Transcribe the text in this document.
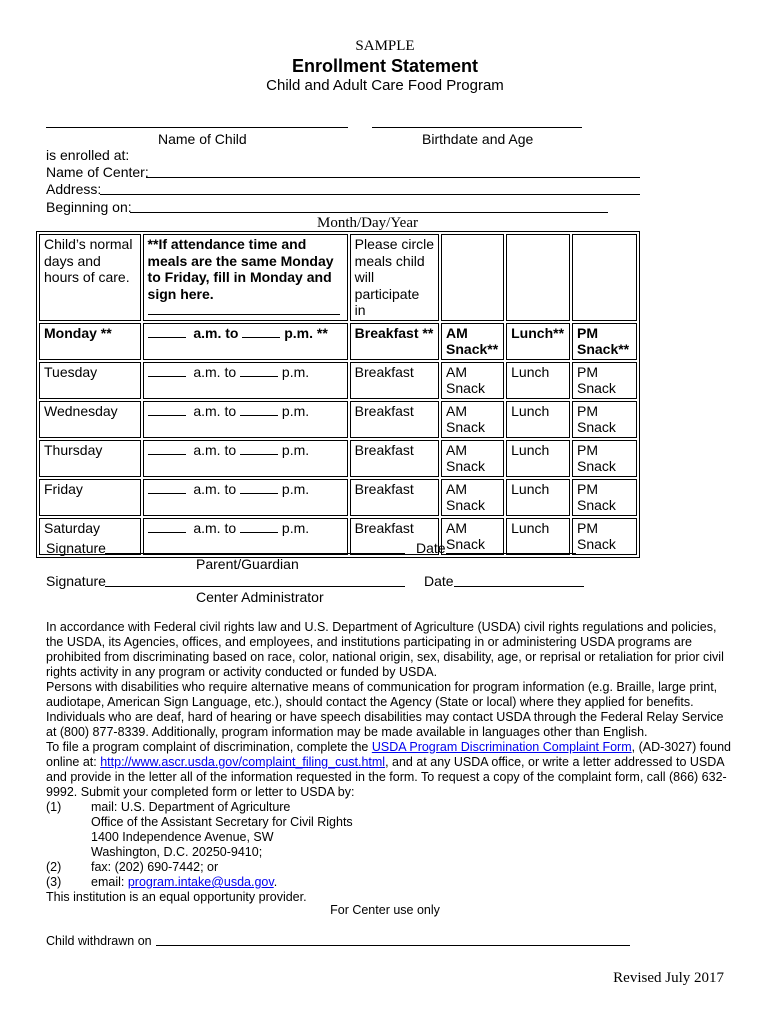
SAMPLE
Enrollment Statement
Child and Adult Care Food Program
Name of Child	Birthdate and Age
is enrolled at:
Name of Center:
Address:
Beginning on:
Month/Day/Year
Child’s normal days and hours of care.	**If attendance time and meals are the same Monday to Friday, fill in Monday and sign here.	Please circle meals child will participate in			
Monday **	a.m. to p.m. **	Breakfast **	AM Snack**	Lunch**	PM Snack**
Tuesday	a.m. to p.m.	Breakfast	AM Snack	Lunch	PM Snack
Wednesday	a.m. to p.m.	Breakfast	AM Snack	Lunch	PM Snack
Thursday	a.m. to p.m.	Breakfast	AM Snack	Lunch	PM Snack
Friday	a.m. to p.m.	Breakfast	AM Snack	Lunch	PM Snack
Saturday	a.m. to p.m.	Breakfast	AM Snack	Lunch	PM Snack
Signature	Date
Parent/Guardian
Signature	Date
Center Administrator

In accordance with Federal civil rights law and U.S. Department of Agriculture (USDA) civil rights regulations and policies, the USDA, its Agencies, offices, and employees, and institutions participating in or administering USDA programs are prohibited from discriminating based on race, color, national origin, sex, disability, age, or reprisal or retaliation for prior civil rights activity in any program or activity conducted or funded by USDA.

Persons with disabilities who require alternative means of communication for program information (e.g. Braille, large print, audiotape, American Sign Language, etc.), should contact the Agency (State or local) where they applied for benefits. Individuals who are deaf, hard of hearing or have speech disabilities may contact USDA through the Federal Relay Service at (800) 877-8339. Additionally, program information may be made available in languages other than English.

To file a program complaint of discrimination, complete the USDA Program Discrimination Complaint Form, (AD-3027) found online at: http://www.ascr.usda.gov/complaint_filing_cust.html, and at any USDA office, or write a letter addressed to USDA and provide in the letter all of the information requested in the form. To request a copy of the complaint form, call (866) 632-9992. Submit your completed form or letter to USDA by:

(1) mail: U.S. Department of Agriculture
Office of the Assistant Secretary for Civil Rights
1400 Independence Avenue, SW
Washington, D.C. 20250-9410;
(2) fax: (202) 690-7442; or
(3) email: program.intake@usda.gov.

This institution is an equal opportunity provider.

For Center use only
Child withdrawn on
Revised July 2017
